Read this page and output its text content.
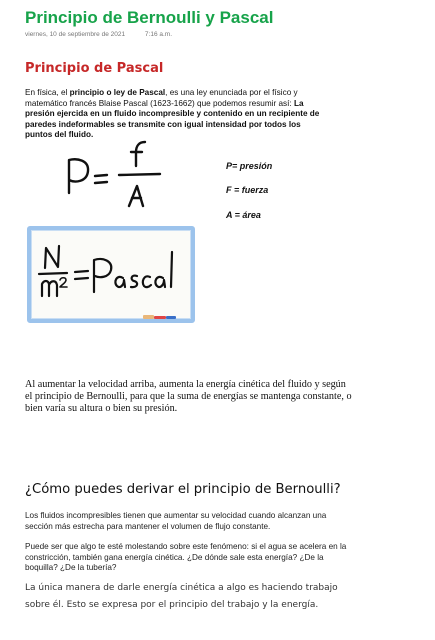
Principio de Bernoulli y Pascal
viernes, 10 de septiembre de 2021	7:16 a.m.
Principio de Pascal
En física, el principio o ley de Pascal, es una ley enunciada por el físico y matemático francés Blaise Pascal (1623-1662) que podemos resumir así: La presión ejercida en un fluido incompresible y contenido en un recipiente de paredes indeformables se transmite con igual intensidad por todos los puntos del fluido.
P= presión
F = fuerza
A = área
Al aumentar la velocidad arriba, aumenta la energía cinética del fluido y según el principio de Bernoulli, para que la suma de energías se mantenga constante, o bien varía su altura o bien su presión.
¿Cómo puedes derivar el principio de Bernoulli?
Los fluidos incompresibles tienen que aumentar su velocidad cuando alcanzan una sección más estrecha para mantener el volumen de flujo constante.
Puede ser que algo te esté molestando sobre este fenómeno: si el agua se acelera en la constricción, también gana energía cinética. ¿De dónde sale esta energía? ¿De la boquilla? ¿De la tubería?
La única manera de darle energía cinética a algo es haciendo trabajo sobre él. Esto se expresa por el principio del trabajo y la energía.
